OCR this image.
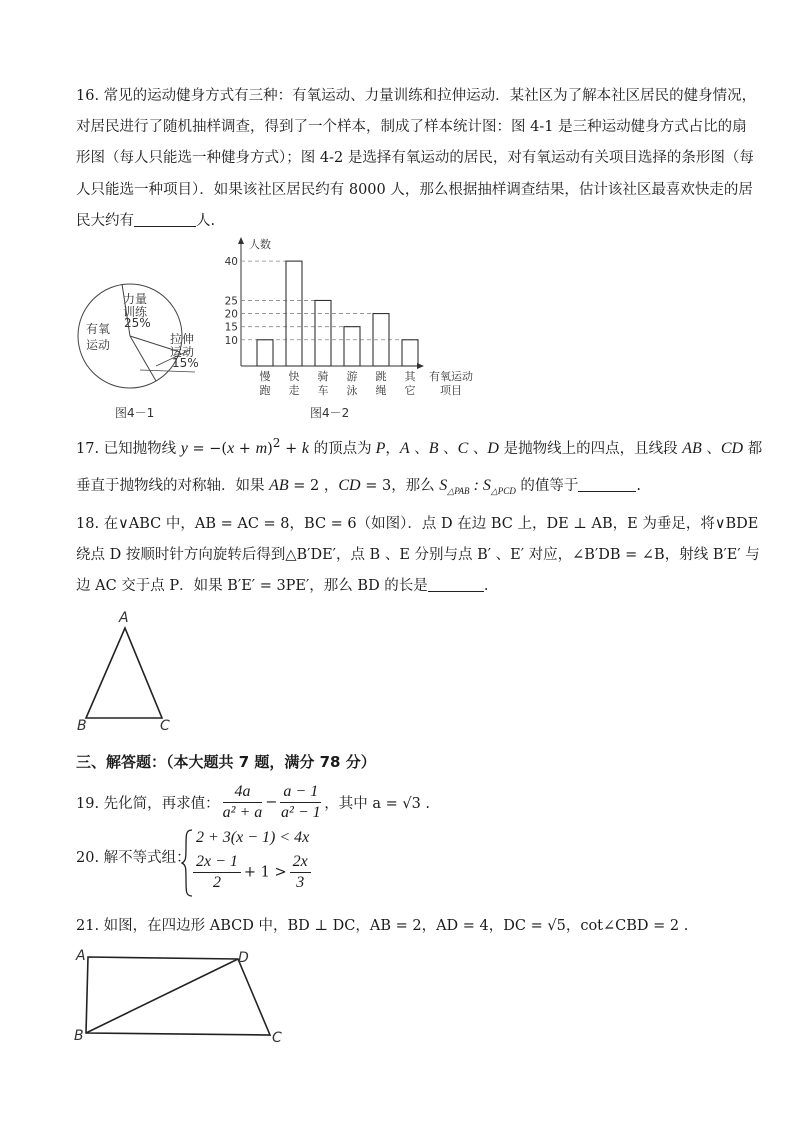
16. 常见的运动健身方式有三种：有氧运动、力量训练和拉伸运动．某社区为了解本社区居民的健身情况，
对居民进行了随机抽样调查，得到了一个样本，制成了样本统计图：图 4-1 是三种运动健身方式占比的扇
形图（每人只能选一种健身方式）；图 4-2 是选择有氧运动的居民，对有氧运动有关项目选择的条形图（每
人只能选一种项目）．如果该社区居民约有 8000 人，那么根据抽样调查结果，估计该社区最喜欢快走的居
民大约有	人.
有氧
运动
力量
训练
25%
拉伸
运动
15%
图4－1
人数
10
15
20
25
40
慢
跑
快
走
骑
车
游
泳
跳
绳
其
它
有氧运动
项目
图4－2
17. 已知抛物线 $y = -(x + m)^2 + k$ 的顶点为 P，A 、B 、C 、D 是抛物线上的四点，且线段 AB 、CD 都
垂直于抛物线的对称轴．如果 AB = 2 ，CD = 3，那么 $S_{\triangle PAB}$ : $S_{\triangle PCD}$ 的值等于	.
18. 在∨ABC 中，AB = AC = 8，BC = 6（如图）．点 D 在边 BC 上，DE ⊥ AB，E 为垂足，将∨BDE
绕点 D 按顺时针方向旋转后得到△B′DE′，点 B 、E 分别与点 B′ 、E′ 对应，∠B′DB = ∠B，射线 B′E′ 与
边 AC 交于点 P．如果 B′E′ = 3PE′，那么 BD 的长是	.
A
B	C
三、解答题：（本大题共 7 题，满分 78 分）
19. 先化简，再求值： $\frac{4a}{\text{a² + a}} - \frac{a - 1}{\text{a² − 1}}$ ，其中 a = √3 .
20. 解不等式组：
2 + 3(x − 1) < 4x
$\frac{2x - 1}{2} + 1 > \frac{2x}{3}$
21. 如图，在四边形 ABCD 中，BD ⊥ DC，AB = 2，AD = 4，DC = √5，cot∠CBD = 2 .
A	D
B	C
